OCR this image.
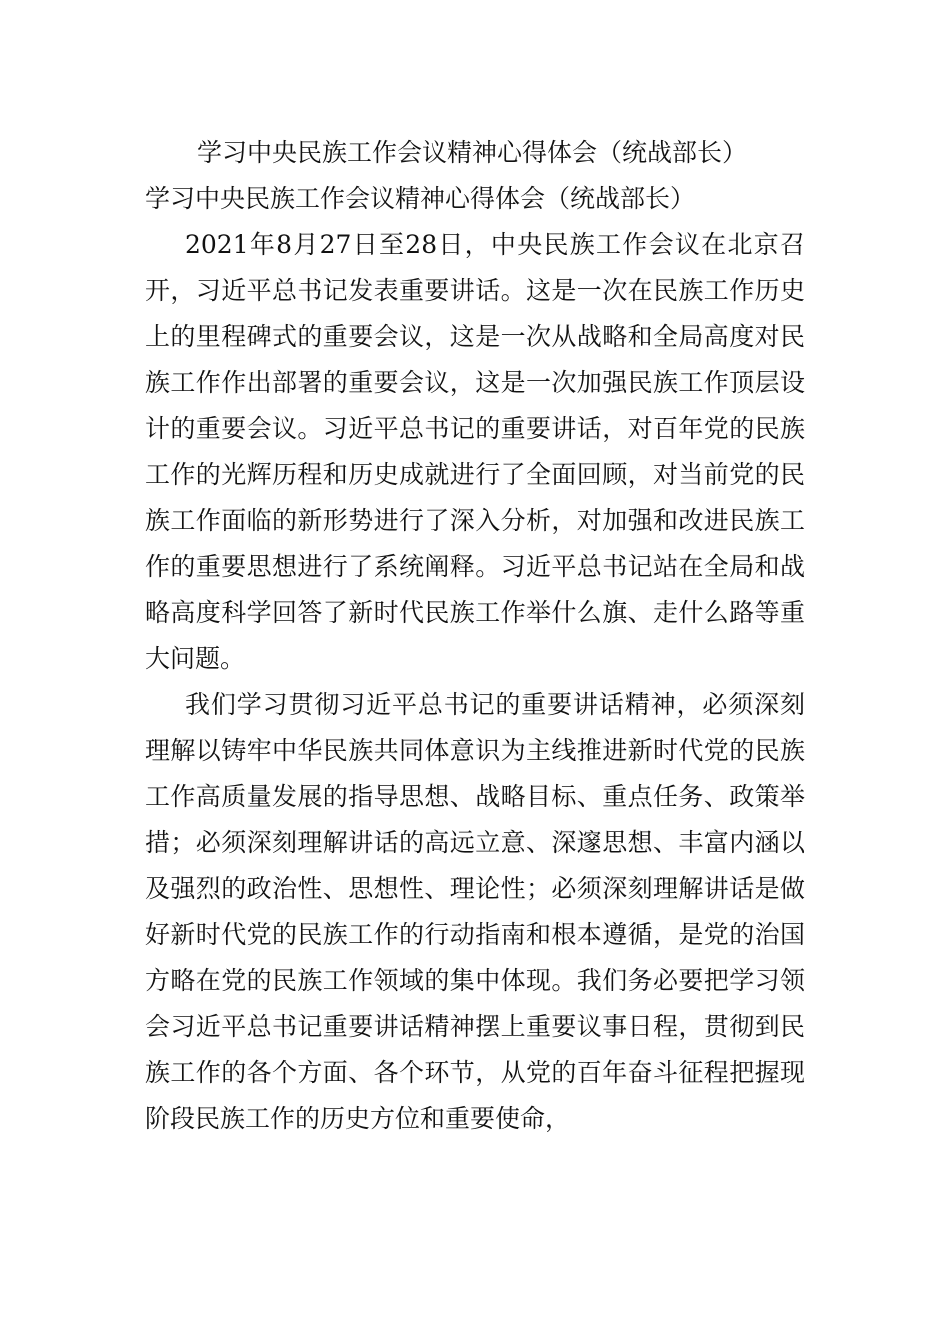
学习中央民族工作会议精神心得体会（统战部长）
学习中央民族工作会议精神心得体会（统战部长）

2021年8月27日至28日，中央民族工作会议在北京召开，习近平总书记发表重要讲话。这是一次在民族工作历史上的里程碑式的重要会议，这是一次从战略和全局高度对民族工作作出部署的重要会议，这是一次加强民族工作顶层设计的重要会议。习近平总书记的重要讲话，对百年党的民族工作的光辉历程和历史成就进行了全面回顾，对当前党的民族工作面临的新形势进行了深入分析，对加强和改进民族工作的重要思想进行了系统阐释。习近平总书记站在全局和战略高度科学回答了新时代民族工作举什么旗、走什么路等重大问题。

我们学习贯彻习近平总书记的重要讲话精神，必须深刻理解以铸牢中华民族共同体意识为主线推进新时代党的民族工作高质量发展的指导思想、战略目标、重点任务、政策举措；必须深刻理解讲话的高远立意、深邃思想、丰富内涵以及强烈的政治性、思想性、理论性；必须深刻理解讲话是做好新时代党的民族工作的行动指南和根本遵循，是党的治国方略在党的民族工作领域的集中体现。我们务必要把学习领会习近平总书记重要讲话精神摆上重要议事日程，贯彻到民族工作的各个方面、各个环节，从党的百年奋斗征程把握现阶段民族工作的历史方位和重要使命，
